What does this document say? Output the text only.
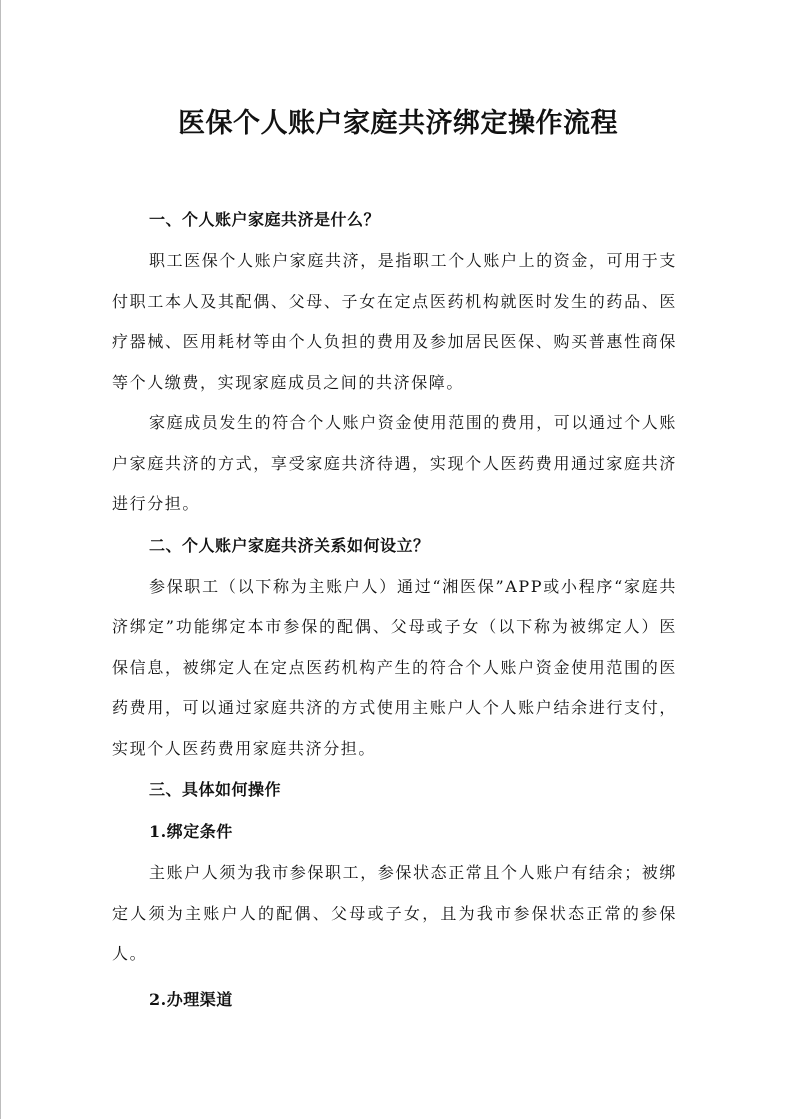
医保个人账户家庭共济绑定操作流程

一、个人账户家庭共济是什么？

职工医保个人账户家庭共济，是指职工个人账户上的资金，可用于支付职工本人及其配偶、父母、子女在定点医药机构就医时发生的药品、医疗器械、医用耗材等由个人负担的费用及参加居民医保、购买普惠性商保等个人缴费，实现家庭成员之间的共济保障。

家庭成员发生的符合个人账户资金使用范围的费用，可以通过个人账户家庭共济的方式，享受家庭共济待遇，实现个人医药费用通过家庭共济进行分担。

二、个人账户家庭共济关系如何设立？

参保职工（以下称为主账户人）通过“湘医保”APP或小程序“家庭共济绑定”功能绑定本市参保的配偶、父母或子女（以下称为被绑定人）医保信息，被绑定人在定点医药机构产生的符合个人账户资金使用范围的医药费用，可以通过家庭共济的方式使用主账户人个人账户结余进行支付，实现个人医药费用家庭共济分担。

三、具体如何操作

1.绑定条件

主账户人须为我市参保职工，参保状态正常且个人账户有结余；被绑定人须为主账户人的配偶、父母或子女，且为我市参保状态正常的参保人。

2.办理渠道
